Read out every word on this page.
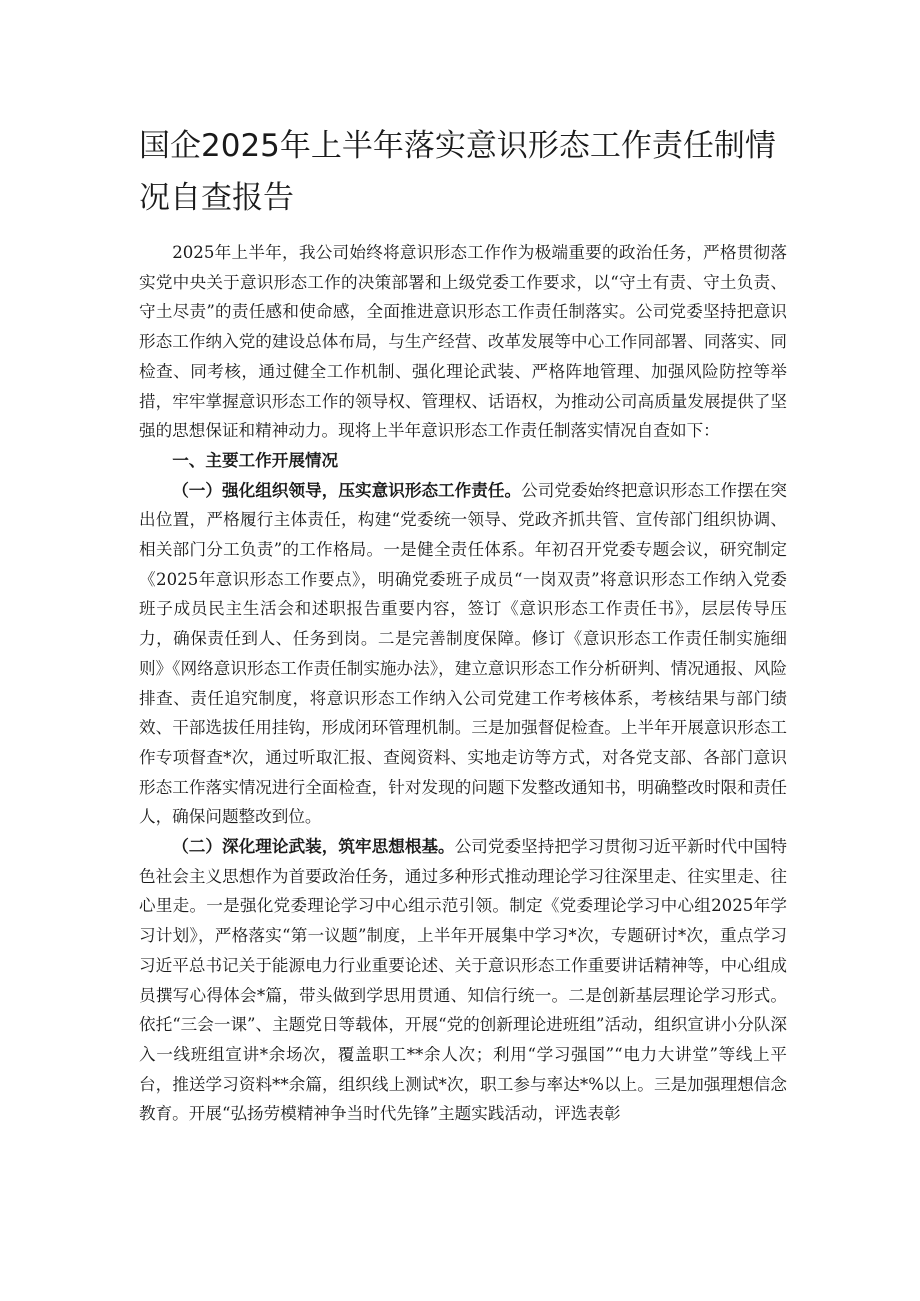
国企2025年上半年落实意识形态工作责任制情况自查报告

2025年上半年，我公司始终将意识形态工作作为极端重要的政治任务，严格贯彻落实党中央关于意识形态工作的决策部署和上级党委工作要求，以“守土有责、守土负责、守土尽责”的责任感和使命感，全面推进意识形态工作责任制落实。公司党委坚持把意识形态工作纳入党的建设总体布局，与生产经营、改革发展等中心工作同部署、同落实、同检查、同考核，通过健全工作机制、强化理论武装、严格阵地管理、加强风险防控等举措，牢牢掌握意识形态工作的领导权、管理权、话语权，为推动公司高质量发展提供了坚强的思想保证和精神动力。现将上半年意识形态工作责任制落实情况自查如下：

一、主要工作开展情况

（一）强化组织领导，压实意识形态工作责任。公司党委始终把意识形态工作摆在突出位置，严格履行主体责任，构建“党委统一领导、党政齐抓共管、宣传部门组织协调、相关部门分工负责”的工作格局。一是健全责任体系。年初召开党委专题会议，研究制定《2025年意识形态工作要点》，明确党委班子成员“一岗双责”将意识形态工作纳入党委班子成员民主生活会和述职报告重要内容，签订《意识形态工作责任书》，层层传导压力，确保责任到人、任务到岗。二是完善制度保障。修订《意识形态工作责任制实施细则》《网络意识形态工作责任制实施办法》，建立意识形态工作分析研判、情况通报、风险排查、责任追究制度，将意识形态工作纳入公司党建工作考核体系，考核结果与部门绩效、干部选拔任用挂钩，形成闭环管理机制。三是加强督促检查。上半年开展意识形态工作专项督查*次，通过听取汇报、查阅资料、实地走访等方式，对各党支部、各部门意识形态工作落实情况进行全面检查，针对发现的问题下发整改通知书，明确整改时限和责任人，确保问题整改到位。

（二）深化理论武装，筑牢思想根基。公司党委坚持把学习贯彻习近平新时代中国特色社会主义思想作为首要政治任务，通过多种形式推动理论学习往深里走、往实里走、往心里走。一是强化党委理论学习中心组示范引领。制定《党委理论学习中心组2025年学习计划》，严格落实“第一议题”制度，上半年开展集中学习*次，专题研讨*次，重点学习习近平总书记关于能源电力行业重要论述、关于意识形态工作重要讲话精神等，中心组成员撰写心得体会*篇，带头做到学思用贯通、知信行统一。二是创新基层理论学习形式。依托“三会一课”、主题党日等载体，开展“党的创新理论进班组”活动，组织宣讲小分队深入一线班组宣讲*余场次，覆盖职工**余人次；利用“学习强国”“电力大讲堂”等线上平台，推送学习资料**余篇，组织线上测试*次，职工参与率达*%以上。三是加强理想信念教育。开展“弘扬劳模精神争当时代先锋”主题实践活动，评选表彰
